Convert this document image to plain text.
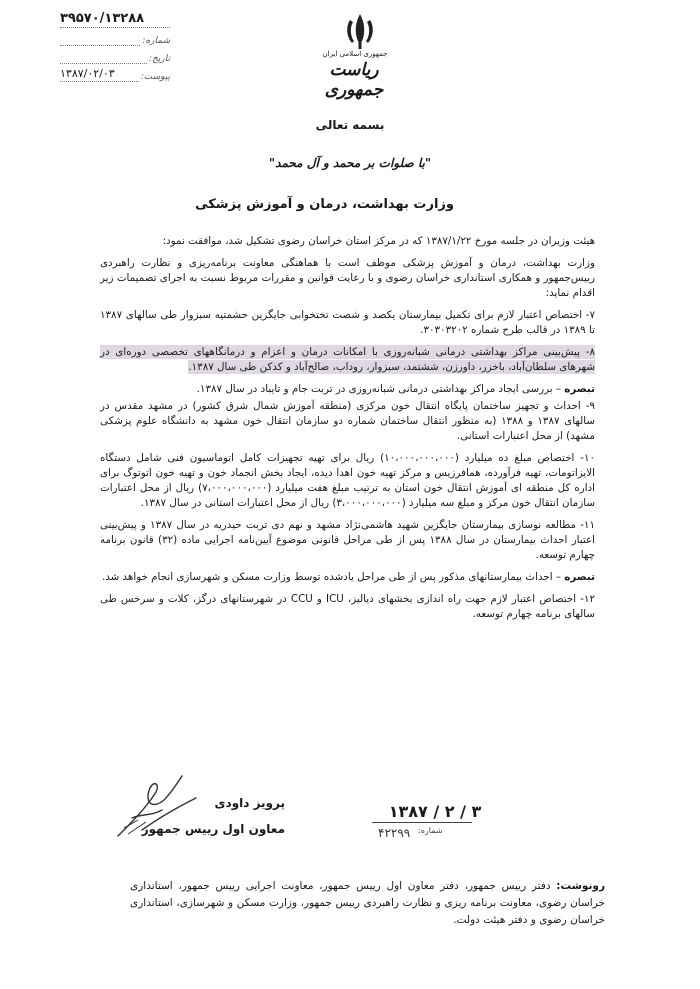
جمهوری اسلامی ایران
ریاست جمهوری
۳۹۵۷۰/۱۳۲۸۸
شماره:
تاریخ:
پیوست:
۱۳۸۷/۰۲/۰۳
بسمه تعالی
"با صلوات بر محمد و آل محمد"
وزارت بهداشت، درمان و آموزش پزشکی

هیئت وزیران در جلسه مورخ ۱۳۸۷/۱/۲۲ که در مرکز استان خراسان رضوی تشکیل شد، موافقت نمود:

وزارت بهداشت، درمان و آموزش پزشکی موظف است با هماهنگی معاونت برنامه‌ریزی و نظارت راهبردی رییس‌جمهور و همکاری استانداری خراسان رضوی و با رعایت قوانین و مقررات مربوط نسبت به اجرای تصمیمات زیر اقدام نماید:

۷- اختصاص اعتبار لازم برای تکمیل بیمارستان یکصد و شصت تختخوابی جایگزین حشمتیه سبزوار طی سالهای ۱۳۸۷ تا ۱۳۸۹ در قالب طرح شماره ۳۰۳۰۳۲۰۲.

۸- پیش‌بینی مراکز بهداشتی درمانی شبانه‌روزی با امکانات درمان و اعزام و درمانگاههای تخصصی دوره‌ای در شهرهای سلطان‌آباد، باخزر، داورزن، ششتمد، سبزوار، روداب، صالح‌آباد و کدکن طی سال ۱۳۸۷.

تبصره – بررسی ایجاد مراکز بهداشتی درمانی شبانه‌روزی در تربت جام و تایباد در سال ۱۳۸۷.

۹- احداث و تجهیز ساختمان پایگاه انتقال خون مرکزی (منطقه آموزش شمال شرق کشور) در مشهد مقدس در سالهای ۱۳۸۷ و ۱۳۸۸ (به منظور انتقال ساختمان شماره دو سازمان انتقال خون مشهد به دانشگاه علوم پزشکی مشهد) از محل اعتبارات استانی.

۱۰- اختصاص مبلغ ده میلیارد (۱۰،۰۰۰،۰۰۰،۰۰۰) ریال برای تهیه تجهیزات کامل اتوماسیون فنی شامل دستگاه الایزاتومات، تهیه فرآورده، همافرزیس و مرکز تهیه خون اهدا دیده، ایجاد بخش انجماد خون و تهیه خون اتوتوگ برای اداره کل منطقه ای آموزش انتقال خون استان به ترتیب مبلغ هفت میلیارد (۷،۰۰۰،۰۰۰،۰۰۰) ریال از محل اعتبارات سازمان انتقال خون مرکز و مبلغ سه میلیارد (۳،۰۰۰،۰۰۰،۰۰۰) ریال از محل اعتبارات استانی در سال ۱۳۸۷.

۱۱- مطالعه نوسازی بیمارستان جایگزین شهید هاشمی‌نژاد مشهد و نهم دی تربت حیدریه در سال ۱۳۸۷ و پیش‌بینی اعتبار احداث بیمارستان در سال ۱۳۸۸ پس از طی مراحل قانونی موضوع آیین‌نامه اجرایی ماده (۳۲) قانون برنامه چهارم توسعه.

تبصره – احداث بیمارستانهای مذکور پس از طی مراحل یادشده توسط وزارت مسکن و شهرسازی انجام خواهد شد.

۱۲- اختصاص اعتبار لازم جهت راه اندازی بخشهای دیالیز، ICU و CCU در شهرستانهای درگز، کلات و سرخس طی سالهای برنامه چهارم توسعه.

پرویز داودی
معاون اول رییس جمهور
۱۳۸۷ / ۲ / ۳
شماره:
۴۲۲۹۹
رونوشت: دفتر رییس جمهور، دفتر معاون اول رییس جمهور، معاونت اجرایی رییس جمهور، استانداری خراسان رضوی، معاونت برنامه ریزی و نظارت راهبردی رییس جمهور، وزارت مسکن و شهرسازی، استانداری خراسان رضوی و دفتر هیئت دولت.
